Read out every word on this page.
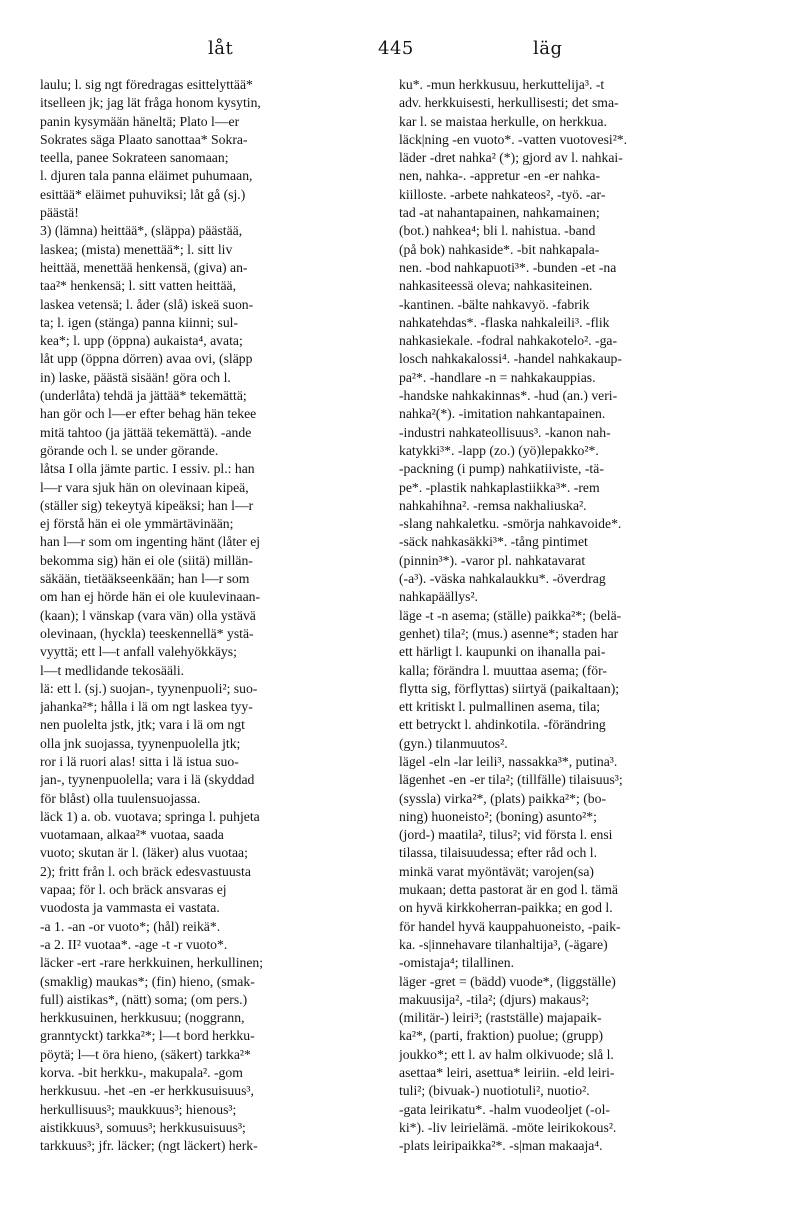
låt	445	läg
laulu; l. sig ngt föredragas esittelyttää*
itselleen jk; jag lät fråga honom kysytin,
panin kysymään häneltä; Plato l—er
Sokrates säga Plaato sanottaa* Sokra-
teella, panee Sokrateen sanomaan;
l. djuren tala panna eläimet puhumaan,
esittää* eläimet puhuviksi; låt gå (sj.)
päästä!
3) (lämna) heittää*, (släppa) päästää,
laskea; (mista) menettää*; l. sitt liv
heittää, menettää henkensä, (giva) an-
taa²* henkensä; l. sitt vatten heittää,
laskea vetensä; l. åder (slå) iskeä suon-
ta; l. igen (stänga) panna kiinni; sul-
kea*; l. upp (öppna) aukaista⁴, avata;
låt upp (öppna dörren) avaa ovi, (släpp
in) laske, päästä sisään! göra och l.
(underlåta) tehdä ja jättää* tekemättä;
han gör och l—er efter behag hän tekee
mitä tahtoo (ja jättää tekemättä). -ande
görande och l. se under görande.
låtsa I olla jämte partic. I essiv. pl.: han
l—r vara sjuk hän on olevinaan kipeä,
(ställer sig) tekeytyä kipeäksi; han l—r
ej förstå hän ei ole ymmärtävinään;
han l—r som om ingenting hänt (låter ej
bekomma sig) hän ei ole (siitä) millän-
säkään, tietääkseenkään; han l—r som
om han ej hörde hän ei ole kuulevinaan-
(kaan); l vänskap (vara vän) olla ystävä
olevinaan, (hyckla) teeskennellä* ystä-
vyyttä; ett l—t anfall valehyökkäys;
l—t medlidande tekosääli.
lä: ett l. (sj.) suojan-, tyynenpuoli²; suo-
jahanka²*; hålla i lä om ngt laskea tyy-
nen puolelta jstk, jtk; vara i lä om ngt
olla jnk suojassa, tyynenpuolella jtk;
ror i lä ruori alas! sitta i lä istua suo-
jan-, tyynenpuolella; vara i lä (skyddad
för blåst) olla tuulensuojassa.
läck 1) a. ob. vuotava; springa l. puhjeta
vuotamaan, alkaa²* vuotaa, saada
vuoto; skutan är l. (läker) alus vuotaa;
2); fritt från l. och bräck edesvastuusta
vapaa; för l. och bräck ansvaras ej
vuodosta ja vammasta ei vastata.
-a 1. -an -or vuoto*; (hål) reikä*.
-a 2. II² vuotaa*. -age -t -r vuoto*.
läcker -ert -rare herkkuinen, herkullinen;
(smaklig) maukas*; (fin) hieno, (smak-
full) aistikas*, (nätt) soma; (om pers.)
herkkusuinen, herkkusuu; (noggrann,
granntyckt) tarkka²*; l—t bord herkku-
pöytä; l—t öra hieno, (säkert) tarkka²*
korva. -bit herkku-, makupala². -gom
herkkusuu. -het -en -er herkkusuisuus³,
herkullisuus³; maukkuus³; hienous³;
aistikkuus³, somuus³; herkkusuisuus³;
tarkkuus³; jfr. läcker; (ngt läckert) herk-
ku*. -mun herkkusuu, herkuttelija³. -t
adv. herkkuisesti, herkullisesti; det sma-
kar l. se maistaa herkulle, on herkkua.
läck|ning -en vuoto*. -vatten vuotovesi²*.
läder -dret nahka² (*); gjord av l. nahkai-
nen, nahka-. -appretur -en -er nahka-
kiilloste. -arbete nahkateos², -työ. -ar-
tad -at nahantapainen, nahkamainen;
(bot.) nahkea⁴; bli l. nahistua. -band
(på bok) nahkaside*. -bit nahkapala-
nen. -bod nahkapuoti³*. -bunden -et -na
nahkasiteessä oleva; nahkasiteinen.
-kantinen. -bälte nahkavyö. -fabrik
nahkatehdas*. -flaska nahkaleili³. -flik
nahkasiekale. -fodral nahkakotelo². -ga-
losch nahkakalossi⁴. -handel nahkakaup-
pa²*. -handlare -n = nahkakauppias.
-handske nahkakinnas*. -hud (an.) veri-
nahka²(*). -imitation nahkantapainen.
-industri nahkateollisuus³. -kanon nah-
katykki³*. -lapp (zo.) (yö)lepakko²*.
-packning (i pump) nahkatiiviste, -tä-
pe*. -plastik nahkaplastiikka³*. -rem
nahkahihna². -remsa nakhaliuska².
-slang nahkaletku. -smörja nahkavoide*.
-säck nahkasäkki³*. -tång pintimet
(pinnin³*). -varor pl. nahkatavarat
(-a³). -väska nahkalaukku*. -överdrag
nahkapäällys².
läge -t -n asema; (ställe) paikka²*; (belä-
genhet) tila²; (mus.) asenne*; staden har
ett härligt l. kaupunki on ihanalla pai-
kalla; förändra l. muuttaa asema; (för-
flytta sig, förflyttas) siirtyä (paikaltaan);
ett kritiskt l. pulmallinen asema, tila;
ett betryckt l. ahdinkotila. -förändring
(gyn.) tilanmuutos².
lägel -eln -lar leili³, nassakka³*, putina³.
lägenhet -en -er tila²; (tillfälle) tilaisuus³;
(syssla) virka²*, (plats) paikka²*; (bo-
ning) huoneisto²; (boning) asunto²*;
(jord-) maatila², tilus²; vid första l. ensi
tilassa, tilaisuudessa; efter råd och l.
minkä varat myöntävät; varojen(sa)
mukaan; detta pastorat är en god l. tämä
on hyvä kirkkoherran-paikka; en god l.
för handel hyvä kauppahuoneisto, -paik-
ka. -s|innehavare tilanhaltija³, (-ägare)
-omistaja⁴; tilallinen.
läger -gret = (bädd) vuode*, (liggställe)
makuusija², -tila²; (djurs) makaus²;
(militär-) leiri³; (rastställe) majapaik-
ka²*, (parti, fraktion) puolue; (grupp)
joukko*; ett l. av halm olkivuode; slå l.
asettaa* leiri, asettua* leiriin. -eld leiri-
tuli²; (bivuak-) nuotiotuli², nuotio².
-gata leirikatu*. -halm vuodeoljet (-ol-
ki*). -liv leirielämä. -möte leirikokous².
-plats leiripaikka²*. -s|man makaaja⁴.
